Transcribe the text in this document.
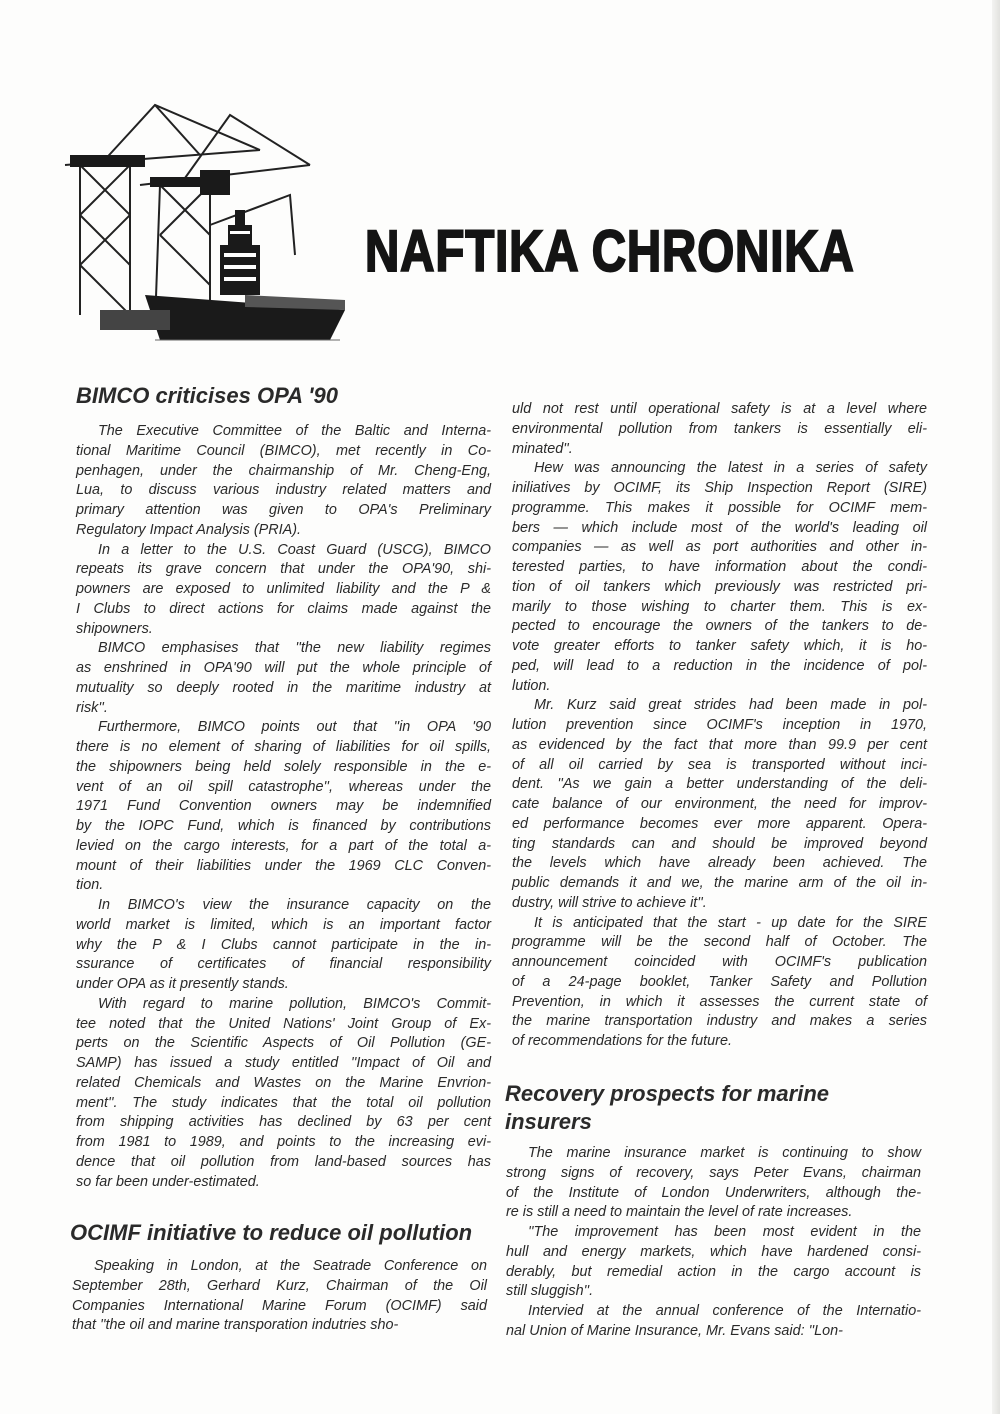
NAFTIKA CHRONIKA
BIMCO criticises OPA '90
The Executive Committee of the Baltic and Interna-
tional Maritime Council (BIMCO), met recently in Co-
penhagen, under the chairmanship of Mr. Cheng-Eng,
Lua, to discuss various industry related matters and
primary attention was given to OPA's Preliminary
Regulatory Impact Analysis (PRIA).
In a letter to the U.S. Coast Guard (USCG), BIMCO
repeats its grave concern that under the OPA'90, shi-
powners are exposed to unlimited liability and the P &
I Clubs to direct actions for claims made against the
shipowners.
BIMCO emphasises that ''the new liability regimes
as enshrined in OPA'90 will put the whole principle of
mutuality so deeply rooted in the maritime industry at
risk''.
Furthermore, BIMCO points out that ''in OPA '90
there is no element of sharing of liabilities for oil spills,
the shipowners being held solely responsible in the e-
vent of an oil spill catastrophe'', whereas under the
1971 Fund Convention owners may be indemnified
by the IOPC Fund, which is financed by contributions
levied on the cargo interests, for a part of the total a-
mount of their liabilities under the 1969 CLC Conven-
tion.
In BIMCO's view the insurance capacity on the
world market is limited, which is an important factor
why the P & I Clubs cannot participate in the in-
ssurance of certificates of financial responsibility
under OPA as it presently stands.
With regard to marine pollution, BIMCO's Commit-
tee noted that the United Nations' Joint Group of Ex-
perts on the Scientific Aspects of Oil Pollution (GE-
SAMP) has issued a study entitled ''Impact of Oil and
related Chemicals and Wastes on the Marine Envrion-
ment''. The study indicates that the total oil pollution
from shipping activities has declined by 63 per cent
from 1981 to 1989, and points to the increasing evi-
dence that oil pollution from land-based sources has
so far been under-estimated.
OCIMF initiative to reduce oil pollution
Speaking in London, at the Seatrade Conference on
September 28th, Gerhard Kurz, Chairman of the Oil
Companies International Marine Forum (OCIMF) said
that ''the oil and marine transporation indutries sho-
uld not rest until operational safety is at a level where
environmental pollution from tankers is essentially eli-
minated''.
Hew was announcing the latest in a series of safety
iniliatives by OCIMF, its Ship Inspection Report (SIRE)
programme. This makes it possible for OCIMF mem-
bers — which include most of the world's leading oil
companies — as well as port authorities and other in-
terested parties, to have information about the condi-
tion of oil tankers which previously was restricted pri-
marily to those wishing to charter them. This is ex-
pected to encourage the owners of the tankers to de-
vote greater efforts to tanker safety which, it is ho-
ped, will lead to a reduction in the incidence of pol-
lution.
Mr. Kurz said great strides had been made in pol-
lution prevention since OCIMF's inception in 1970,
as evidenced by the fact that more than 99.9 per cent
of all oil carried by sea is transported without inci-
dent. ''As we gain a better understanding of the deli-
cate balance of our environment, the need for improv-
ed performance becomes ever more apparent. Opera-
ting standards can and should be improved beyond
the levels which have already been achieved. The
public demands it and we, the marine arm of the oil in-
dustry, will strive to achieve it''.
It is anticipated that the start - up date for the SIRE
programme will be the second half of October. The
announcement coincided with OCIMF's publication
of a 24-page booklet, Tanker Safety and Pollution
Prevention, in which it assesses the current state of
the marine transportation industry and makes a series
of recommendations for the future.
Recovery prospects for marine
insurers
The marine insurance market is continuing to show
strong signs of recovery, says Peter Evans, chairman
of the Institute of London Underwriters, although the-
re is still a need to maintain the level of rate increases.
''The improvement has been most evident in the
hull and energy markets, which have hardened consi-
derably, but remedial action in the cargo account is
still sluggish''.
Intervied at the annual conference of the Internatio-
nal Union of Marine Insurance, Mr. Evans said: ''Lon-
